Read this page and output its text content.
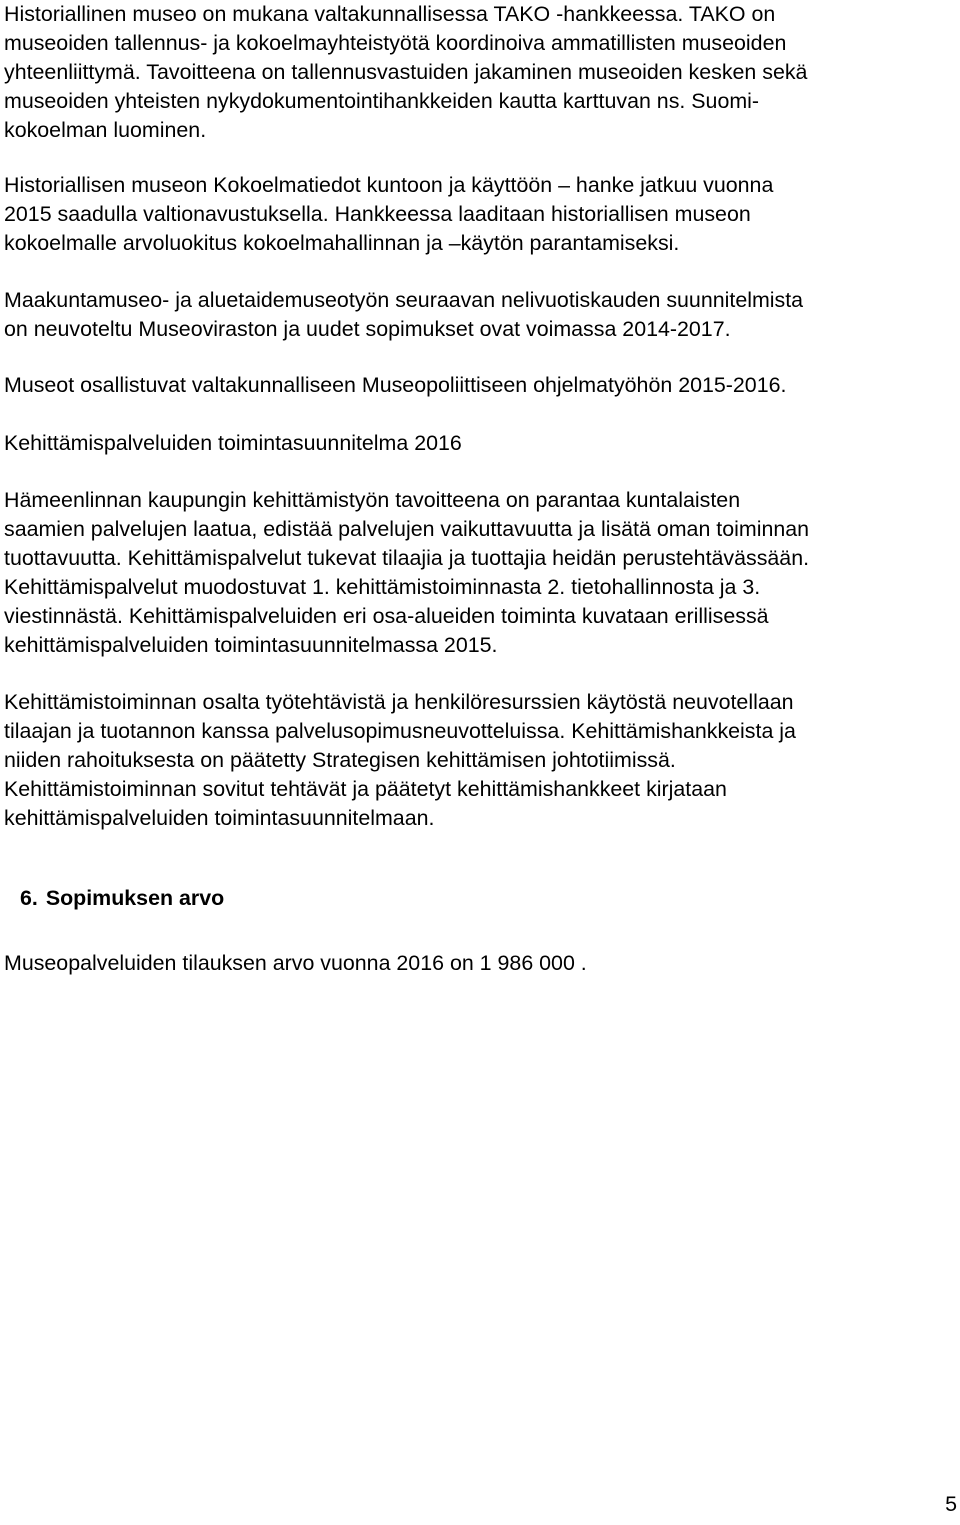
Historiallinen museo on mukana valtakunnallisessa TAKO -hankkeessa. TAKO on
museoiden tallennus- ja kokoelmayhteistyötä koordinoiva ammatillisten museoiden
yhteenliittymä. Tavoitteena on tallennusvastuiden jakaminen museoiden kesken sekä
museoiden yhteisten nykydokumentointihankkeiden kautta karttuvan ns. Suomi-
kokoelman luominen.

Historiallisen museon Kokoelmatiedot kuntoon ja käyttöön – hanke jatkuu vuonna
2015 saadulla valtionavustuksella. Hankkeessa laaditaan historiallisen museon
kokoelmalle arvoluokitus kokoelmahallinnan ja –käytön parantamiseksi.

Maakuntamuseo- ja aluetaidemuseotyön seuraavan nelivuotiskauden suunnitelmista
on neuvoteltu Museoviraston ja uudet sopimukset ovat voimassa 2014-2017.

Museot osallistuvat valtakunnalliseen Museopoliittiseen ohjelmatyöhön 2015-2016.

Kehittämispalveluiden toimintasuunnitelma 2016

Hämeenlinnan kaupungin kehittämistyön tavoitteena on parantaa kuntalaisten
saamien palvelujen laatua, edistää palvelujen vaikuttavuutta ja lisätä oman toiminnan
tuottavuutta. Kehittämispalvelut tukevat tilaajia ja tuottajia heidän perustehtävässään.
Kehittämispalvelut muodostuvat 1. kehittämistoiminnasta 2. tietohallinnosta ja 3.
viestinnästä. Kehittämispalveluiden eri osa-alueiden toiminta kuvataan erillisessä
kehittämispalveluiden toimintasuunnitelmassa 2015.

Kehittämistoiminnan osalta työtehtävistä ja henkilöresurssien käytöstä neuvotellaan
tilaajan ja tuotannon kanssa palvelusopimusneuvotteluissa. Kehittämishankkeista ja
niiden rahoituksesta on päätetty Strategisen kehittämisen johtotiimissä.
Kehittämistoiminnan sovitut tehtävät ja päätetyt kehittämishankkeet kirjataan
kehittämispalveluiden toimintasuunnitelmaan.

6. Sopimuksen arvo

Museopalveluiden tilauksen arvo vuonna 2016 on 1 986 000 .

5
